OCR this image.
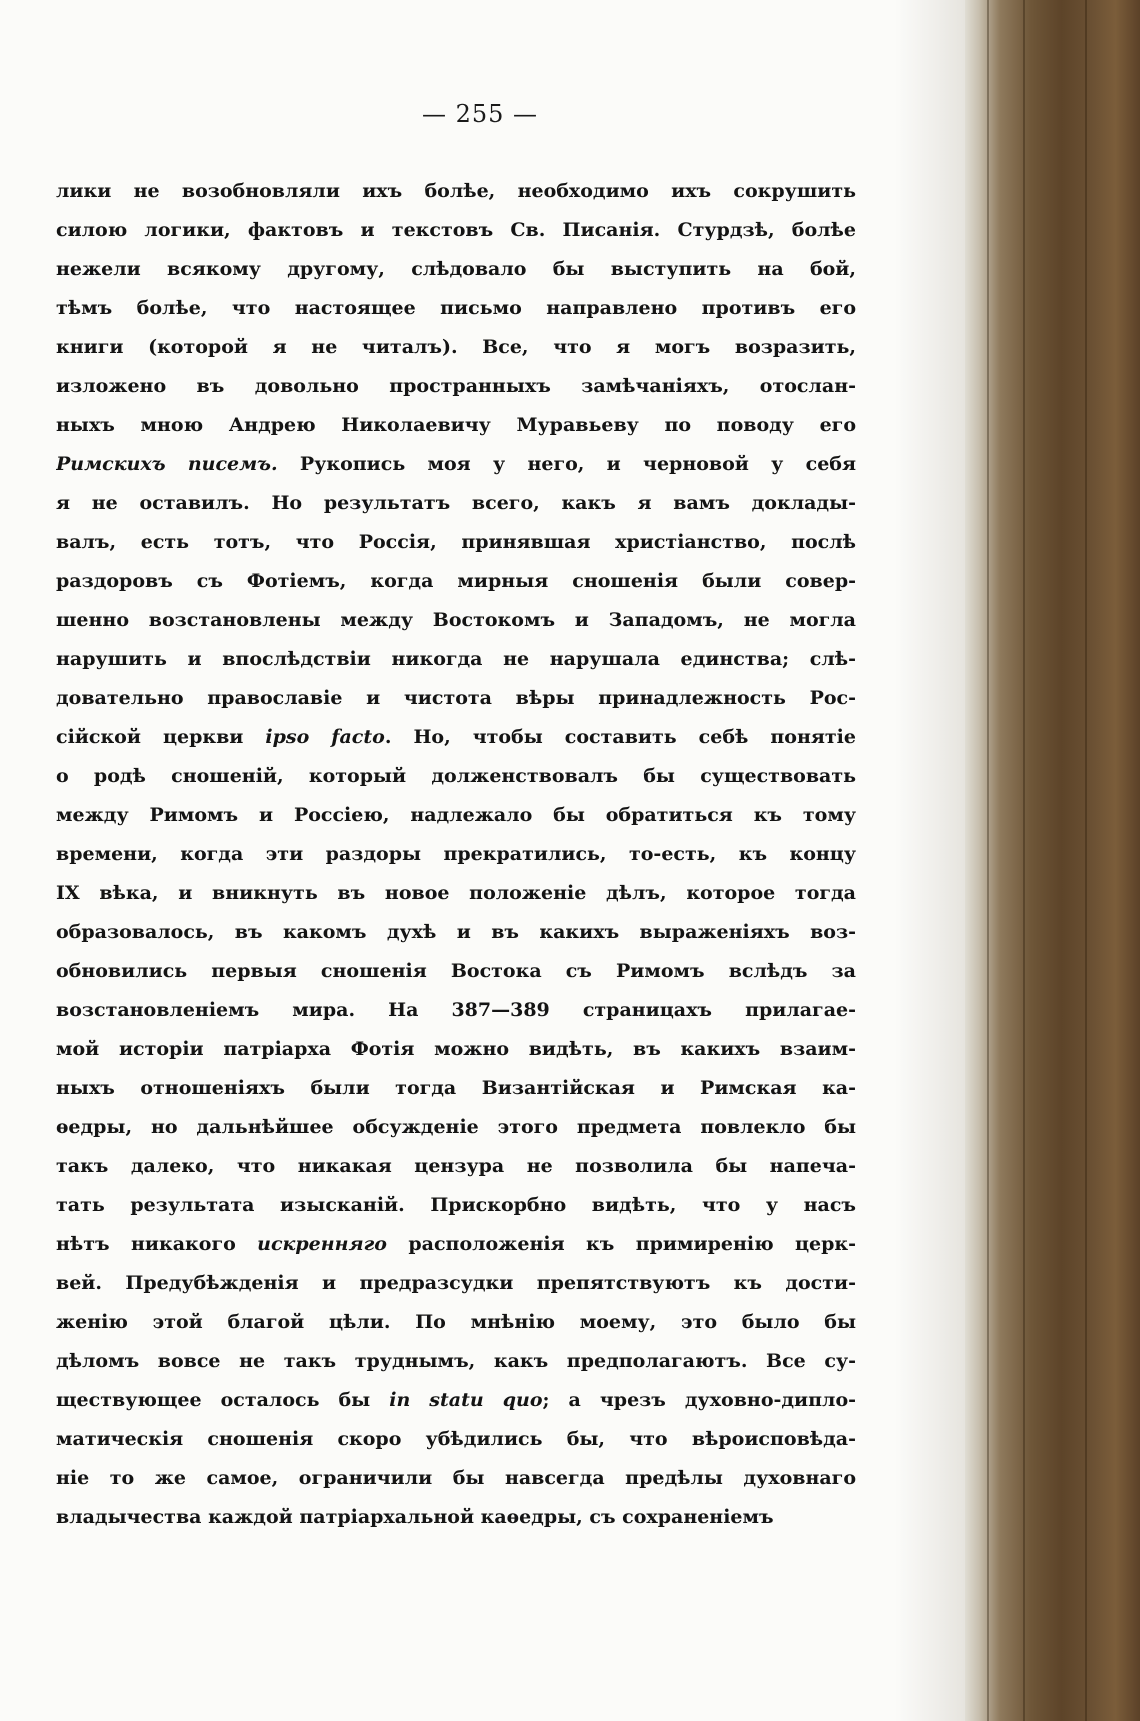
— 255 —
лики не возобновляли ихъ болѣе, необходимо ихъ сокрушить
силою логики, фактовъ и текстовъ Св. Писанія. Стурдзѣ, болѣе
нежели всякому другому, слѣдовало бы выступить на бой,
тѣмъ болѣе, что настоящее письмо направлено противъ его
книги (которой я не читалъ). Все, что я могъ возразить,
изложено въ довольно пространныхъ замѣчаніяхъ, отослан-
ныхъ мною Андрею Николаевичу Муравьеву по поводу его
Римскихъ писемъ. Рукопись моя у него, и черновой у себя
я не оставилъ. Но результатъ всего, какъ я вамъ доклады-
валъ, есть тотъ, что Россія, принявшая христіанство, послѣ
раздоровъ съ Фотіемъ, когда мирныя сношенія были совер-
шенно возстановлены между Востокомъ и Западомъ, не могла
нарушить и впослѣдствіи никогда не нарушала единства; слѣ-
довательно православіе и чистота вѣры принадлежность Рос-
сійской церкви ipso facto. Но, чтобы составить себѣ понятіе
о родѣ сношеній, который долженствовалъ бы существовать
между Римомъ и Россіею, надлежало бы обратиться къ тому
времени, когда эти раздоры прекратились, то-есть, къ концу
IX вѣка, и вникнуть въ новое положеніе дѣлъ, которое тогда
образовалось, въ какомъ духѣ и въ какихъ выраженіяхъ воз-
обновились первыя сношенія Востока съ Римомъ вслѣдъ за
возстановленіемъ мира. На 387—389 страницахъ прилагае-
мой исторіи патріарха Фотія можно видѣть, въ какихъ взаим-
ныхъ отношеніяхъ были тогда Византійская и Римская ка-
ѳедры, но дальнѣйшее обсужденіе этого предмета повлекло бы
такъ далеко, что никакая цензура не позволила бы напеча-
тать результата изысканій. Прискорбно видѣть, что у насъ
нѣтъ никакого искренняго расположенія къ примиренію церк-
вей. Предубѣжденія и предразсудки препятствуютъ къ дости-
женію этой благой цѣли. По мнѣнію моему, это было бы
дѣломъ вовсе не такъ труднымъ, какъ предполагаютъ. Все су-
ществующее осталось бы in statu quo; а чрезъ духовно-дипло-
матическія сношенія скоро убѣдились бы, что вѣроисповѣда-
ніе то же самое, ограничили бы навсегда предѣлы духовнаго
владычества каждой патріархальной каѳедры, съ сохраненіемъ
